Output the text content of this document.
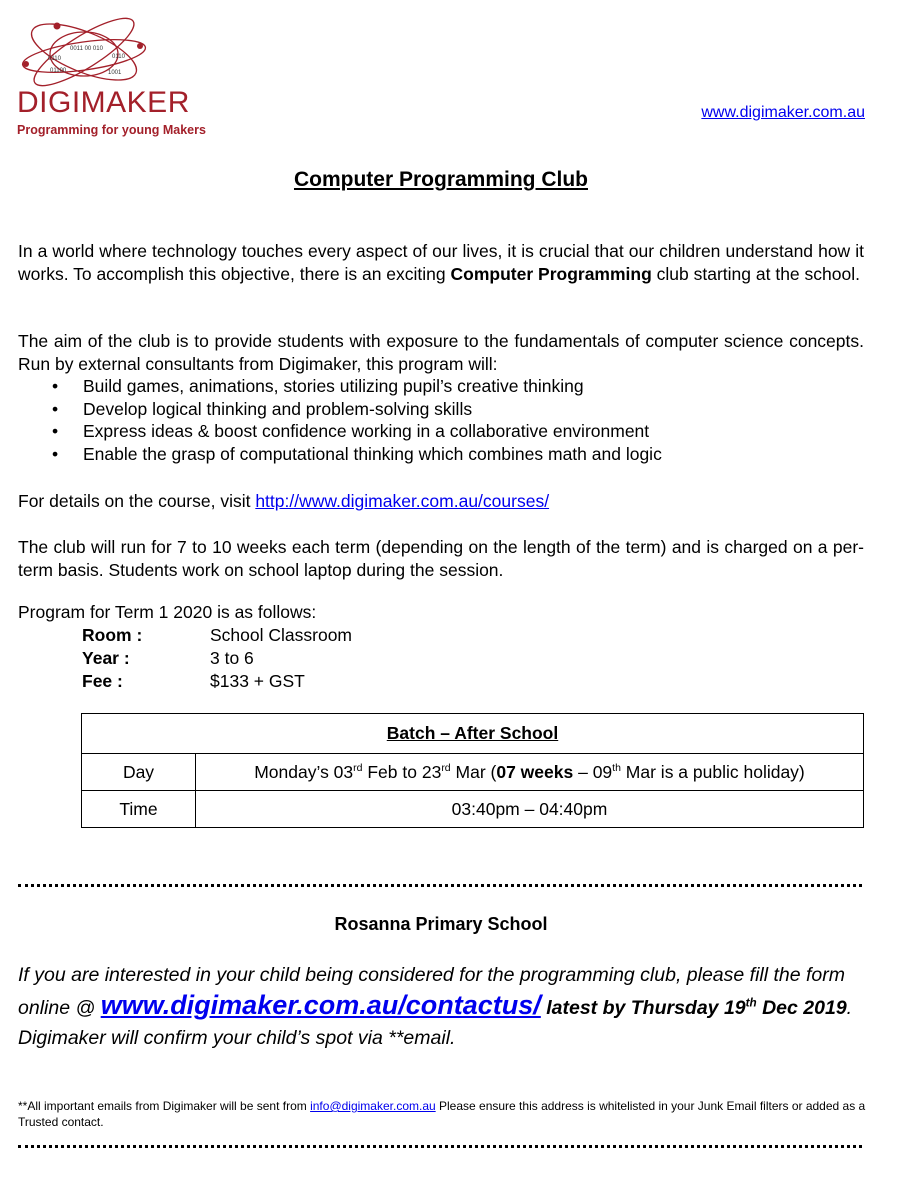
0011 00 010
0110
01100	1001
0110
DIGIMAKER
Programming for young Makers
www.digimaker.com.au
Computer Programming Club
In a world where technology touches every aspect of our lives, it is crucial that our children understand how it works. To accomplish this objective, there is an exciting Computer Programming club starting at the school.
The aim of the club is to provide students with exposure to the fundamentals of computer science concepts. Run by external consultants from Digimaker, this program will:
• Build games, animations, stories utilizing pupil’s creative thinking
• Develop logical thinking and problem-solving skills
• Express ideas & boost confidence working in a collaborative environment
• Enable the grasp of computational thinking which combines math and logic
For details on the course, visit http://www.digimaker.com.au/courses/
The club will run for 7 to 10 weeks each term (depending on the length of the term) and is charged on a per-term basis. Students work on school laptop during the session.
Program for Term 1 2020 is as follows:
Room :	School Classroom
Year :	3 to 6
Fee :	$133 + GST
Batch – After School	
Day	Monday’s 03rd Feb to 23rd Mar (07 weeks – 09th Mar is a public holiday)
Time	03:40pm – 04:40pm
Rosanna Primary School
If you are interested in your child being considered for the programming club, please fill the form online @ www.digimaker.com.au/contactus/ latest by Thursday 19th Dec 2019. Digimaker will confirm your child’s spot via **email.
**All important emails from Digimaker will be sent from info@digimaker.com.au Please ensure this address is whitelisted in your Junk Email filters or added as a Trusted contact.
